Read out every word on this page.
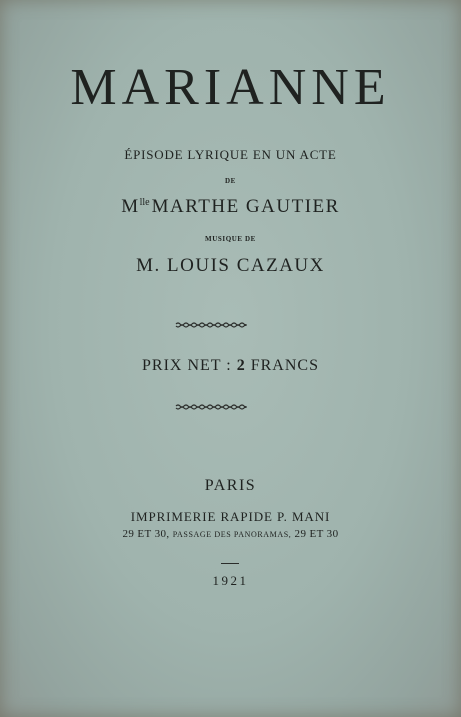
MARIANNE
ÉPISODE LYRIQUE EN UN ACTE
DE
$M^{lle}$ MARTHE GAUTIER
MUSIQUE DE
M. LOUIS CAZAUX
PRIX NET : 2 FRANCS
PARIS
IMPRIMERIE RAPIDE P. MANI
29 ET 30, PASSAGE DES PANORAMAS, 29 ET 30
1921
